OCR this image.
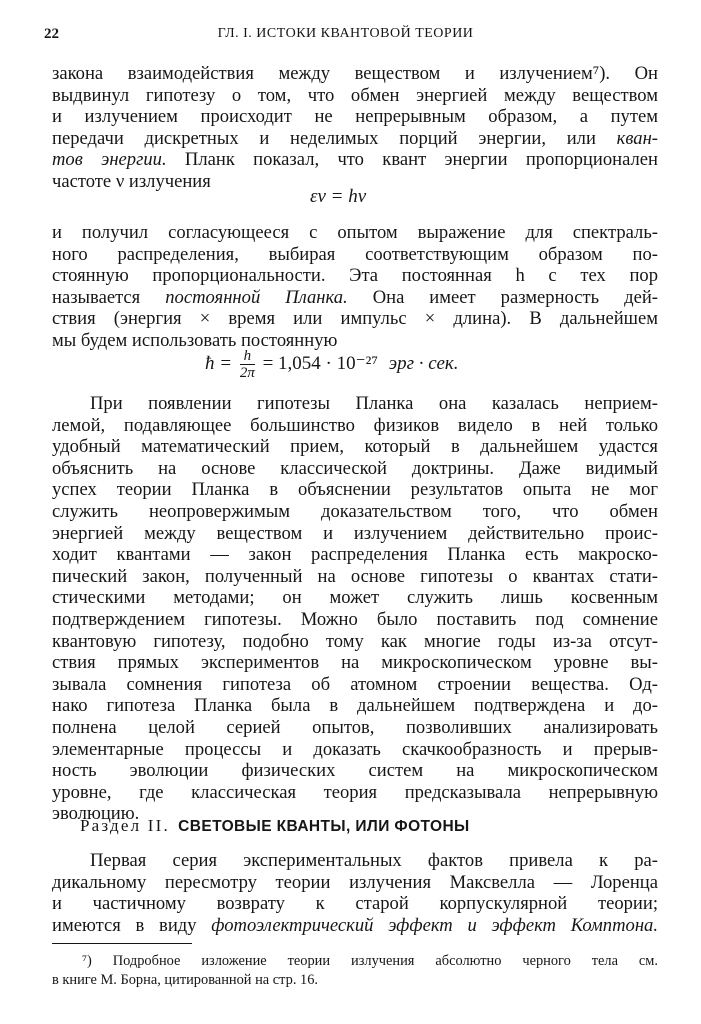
22	ГЛ. I. ИСТОКИ КВАНТОВОЙ ТЕОРИИ
закона взаимодействия между веществом и излучением⁷). Он
выдвинул гипотезу о том, что обмен энергией между веществом
и излучением происходит не непрерывным образом, а путем
передачи дискретных и неделимых порций энергии, или кван-
тов энергии. Планк показал, что квант энергии пропорционален
частоте ν излучения
εν = hν
и получил согласующееся с опытом выражение для спектраль-
ного распределения, выбирая соответствующим образом по-
стоянную пропорциональности. Эта постоянная h с тех пор
называется постоянной Планка. Она имеет размерность дей-
ствия (энергия × время или импульс × длина). В дальнейшем
мы будем использовать постоянную
ħ = $\frac{h}{2\pi} = 1,054 \cdot 10^{-27}$ эрг · сек.
При появлении гипотезы Планка она казалась неприем-
лемой, подавляющее большинство физиков видело в ней только
удобный математический прием, который в дальнейшем удастся
объяснить на основе классической доктрины. Даже видимый
успех теории Планка в объяснении результатов опыта не мог
служить неопровержимым доказательством того, что обмен
энергией между веществом и излучением действительно проис-
ходит квантами — закон распределения Планка есть макроско-
пический закон, полученный на основе гипотезы о квантах стати-
стическими методами; он может служить лишь косвенным
подтверждением гипотезы. Можно было поставить под сомнение
квантовую гипотезу, подобно тому как многие годы из-за отсут-
ствия прямых экспериментов на микроскопическом уровне вы-
зывала сомнения гипотеза об атомном строении вещества. Од-
нако гипотеза Планка была в дальнейшем подтверждена и до-
полнена целой серией опытов, позволивших анализировать
элементарные процессы и доказать скачкообразность и прерыв-
ность эволюции физических систем на микроскопическом
уровне, где классическая теория предсказывала непрерывную
эволюцию.
Раздел II. СВЕТОВЫЕ КВАНТЫ, ИЛИ ФОТОНЫ
Первая серия экспериментальных фактов привела к ра-
дикальному пересмотру теории излучения Максвелла — Лоренца
и частичному возврату к старой корпускулярной теории;
имеются в виду фотоэлектрический эффект и эффект Комптона.
⁷) Подробное изложение теории излучения абсолютно черного тела см.
в книге М. Борна, цитированной на стр. 16.
